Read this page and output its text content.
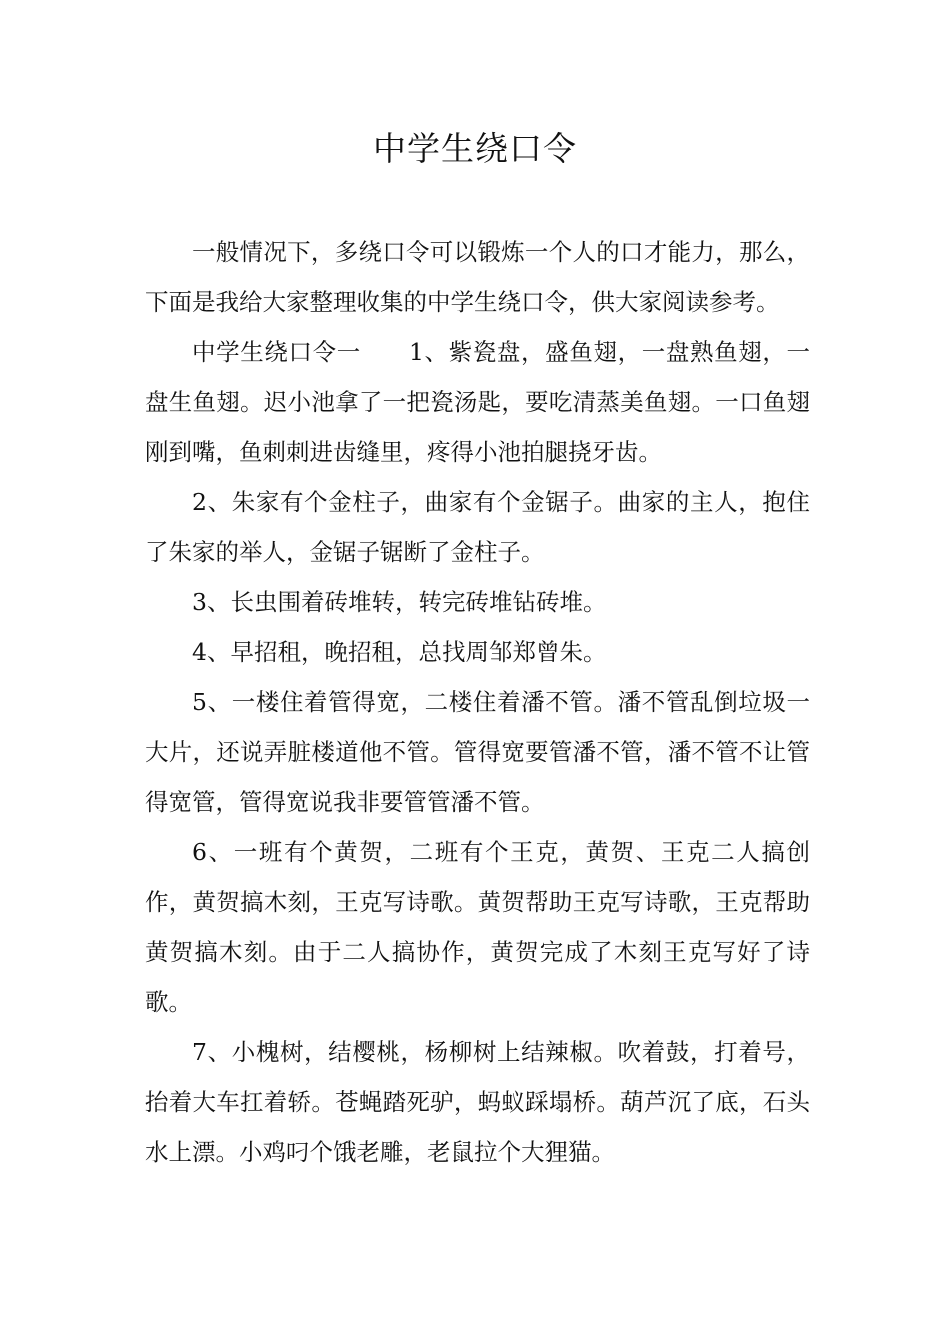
中学生绕口令

一般情况下，多绕口令可以锻炼一个人的口才能力，那么，下面是我给大家整理收集的中学生绕口令，供大家阅读参考。

中学生绕口令一 1、紫瓷盘，盛鱼翅，一盘熟鱼翅，一盘生鱼翅。迟小池拿了一把瓷汤匙，要吃清蒸美鱼翅。一口鱼翅刚到嘴，鱼刺刺进齿缝里，疼得小池拍腿挠牙齿。

2、朱家有个金柱子，曲家有个金锯子。曲家的主人，抱住了朱家的举人，金锯子锯断了金柱子。

3、长虫围着砖堆转，转完砖堆钻砖堆。

4、早招租，晚招租，总找周邹郑曾朱。

5、一楼住着管得宽，二楼住着潘不管。潘不管乱倒垃圾一大片，还说弄脏楼道他不管。管得宽要管潘不管，潘不管不让管得宽管，管得宽说我非要管管潘不管。

6、一班有个黄贺，二班有个王克，黄贺、王克二人搞创作，黄贺搞木刻，王克写诗歌。黄贺帮助王克写诗歌，王克帮助黄贺搞木刻。由于二人搞协作，黄贺完成了木刻王克写好了诗歌。

7、小槐树，结樱桃，杨柳树上结辣椒。吹着鼓，打着号，抬着大车扛着轿。苍蝇踏死驴，蚂蚁踩塌桥。葫芦沉了底，石头水上漂。小鸡叼个饿老雕，老鼠拉个大狸猫。
